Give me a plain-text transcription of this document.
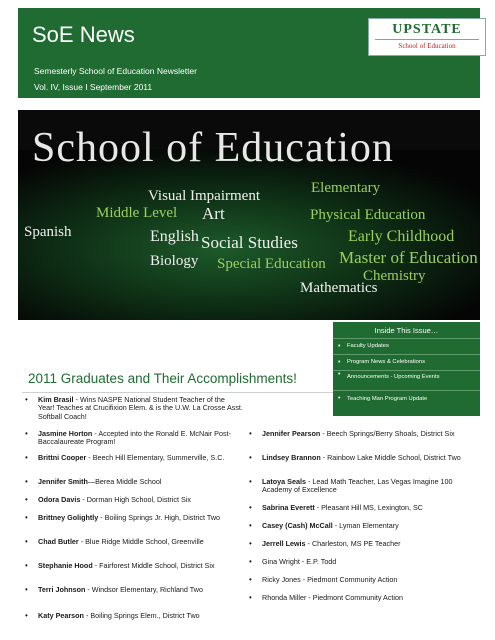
SoE News
Semesterly School of Education Newsletter
Vol. IV, Issue I September 2011
UPSTATE
School of Education
School of Education
Visual Impairment	Elementary
Middle Level Art	Physical Education
Spanish	English Social Studies	Early Childhood
Biology Special Education Master of Education
Chemistry
Mathematics
Inside This Issue…
• Faculty Updates
• Program News & Celebrations
• Announcements - Upcoming Events
• Teaching Man Program Update
2011 Graduates and Their Accomplishments!
• Kim Brasil - Wins NASPE National Student Teacher of the Year! Teaches at Crucifixion Elem. & is the U.W. La Crosse Asst. Softball Coach!
• Jasmine Horton - Accepted into the Ronald E. McNair Post-Baccalaureate Program!
• Brittni Cooper - Beech Hill Elementary, Summerville, S.C.
• Jennifer Smith—Berea Middle School
• Odora Davis - Dorman High School, District Six
• Brittney Golightly - Boiling Springs Jr. High, District Two
• Chad Butler - Blue Ridge Middle School, Greenville
• Stephanie Hood - Fairforest Middle School, District Six
• Terri Johnson - Windsor Elementary, Richland Two
• Katy Pearson - Boiling Springs Elem., District Two
• Jennifer Pearson - Beech Springs/Berry Shoals, District Six
• Lindsey Brannon - Rainbow Lake Middle School, District Two
• Latoya Seals - Lead Math Teacher, Las Vegas Imagine 100 Academy of Excellence
• Sabrina Everett - Pleasant Hill MS, Lexington, SC
• Casey (Cash) McCall - Lyman Elementary
• Jerrell Lewis - Charleston, MS PE Teacher
• Gina Wright - E.P. Todd
• Ricky Jones - Piedmont Community Action
• Rhonda Miller - Piedmont Community Action
